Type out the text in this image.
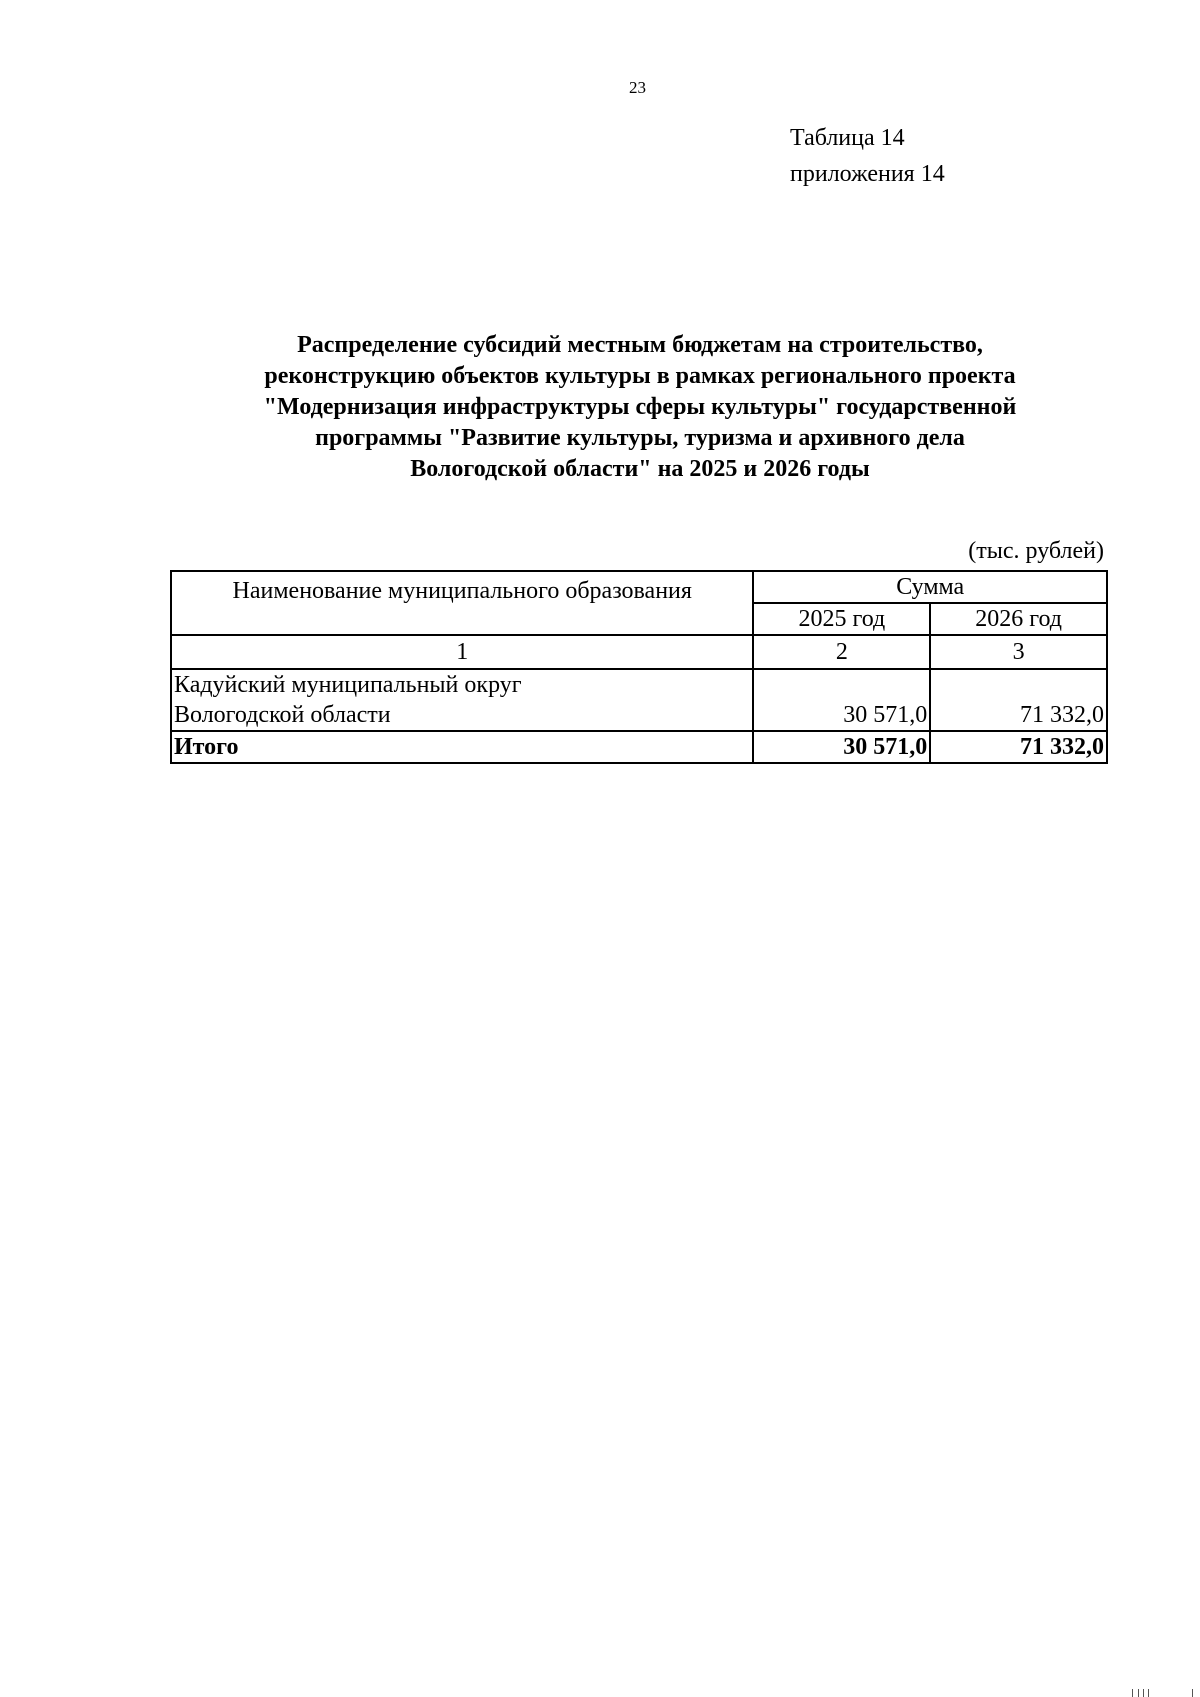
23
Таблица 14
приложения 14
Распределение субсидий местным бюджетам на строительство,
реконструкцию объектов культуры в рамках регионального проекта
"Модернизация инфраструктуры сферы культуры" государственной
программы "Развитие культуры, туризма и архивного дела
Вологодской области" на 2025 и 2026 годы
(тыс. рублей)
Наименование муниципального образования	Сумма	
	2025 год	2026 год
1	2	3

Кадуйский муниципальный округ
Вологодской области	30 571,0	71 332,0
Итого	30 571,0	71 332,0
